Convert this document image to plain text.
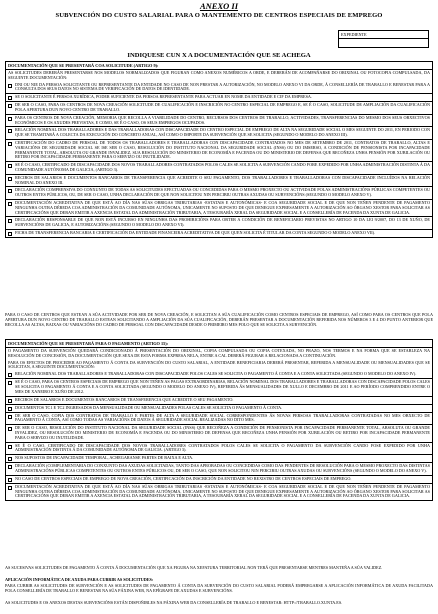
ANEXO II
SUBVENCIÓN DO CUSTO SALARIAL PARA O MANTEMENTO DE CENTROS ESPECIAIS DE EMPREGO
EXPEDIENTE
INDIQUESE CUN X A DOCUMENTACIÓN QUE SE ACHEGA
DOCUMENTACIÓN QUE SE PRESENTARÁ COA SOLICITUDE (ARTIGO 9):
AS SOLICITUDES DEBERÁN PRESENTARSE NOS MODELOS NORMALIZADOS QUE FIGURAN COMO ANEXOS NUMÉRICOS A ORDE, E DEBERÁN DE ACOMPAÑARSE DO ORIXINAL OU FOTOCOPIA COMPULSADA, DA SEGUINTE DOCUMENTACIÓN:
DNI OU NIE DA PERSOA SOLICITANTE OU REPRESENTANTE DA ENTIDADE NO CASO DE NON PRESTAR A AUTORIZACIÓN, NO MODELO ANEXO VI DA ORDE, Á CONSELLERÍA DE TRABALLO E BENESTAR PARA A CONSULTA DOS SEUS DATOS NO SISTEMA DE VERIFICACIÓN DE DATOS DE IDENTIDADE.
SE O SOLICITANTE É PERSOA XURÍDICA, PODER SUFICIENTE DA PERSOA REPRESENTANTE PARA ACTUAR EN NOME DA ENTIDADE E CIF DA EMPRESA.
DE SER O CASO, PARA OS CENTROS DE NOVA CREACIÓN SOLICITUDE DE CUALIFICACIÓN E INSCRICIÓN NO CENTRO ESPECIAL DE EMPREGO E, SE É O CASO, SOLICITUDE DE AMPLIACIÓN DA CUALIFICACIÓN POLA APERTURA DUN NOVO CENTRO DE TRABALLO.
PARA OS CENTROS DE NOVA CREACIÓN, MEMORIA QUE RECOLLA A VIABILIDADE DO CENTRO, RECURSOS DOS CENTROS DE TRABALLO, ACTIVIDADES, TRANSFERENCIAS DO MESMO DOS SEUS OBXECTIVOS ECONÓMICOS E OS AXUDES PREVISTAS, E COMO, SE É O CASO, OS SEUS EMPREGOS OCUPADOS.
RELACIÓN NOMINAL DOS TRABALLADORES E DAS TRABALLADORAS CON DISCAPACIDADE DO CENTRO ESPECIAL DE EMPREGO DE ALTA NA SEGURIDADE SOCIAL O MES SEGUINTE DO 2011, EN PERIODO CON QUE SE TRAMITARÁ A COLECTA DA EXECUCIÓN DO CONCERTO ANUAL, ASÍ COMO O IMPORTE DA SUBVENCIÓN QUE SE SOLICITA (SEGUNDO O MODELO DO ANEXO III).
CERTIFICACIÓN DO CADRO DE PERSOAL DE TODOS OS TRABALLADORES E TRABALLADORAS CON DISCAPACIDADE CONTRATADOS NO MES DE SETEMBRO DE 2011, CONTRATOS DE TRABALLO, ALTAS E VARIACIÓNS DE SEGURIDADE SOCIAL SE ISE SER O CASO, RESOLUCIÓN DO INSTITUTO NACIONAL DA SEGURIDADE SOCIAL (INSS) OU DO IMSERSO, A CONDICIÓN DE PENSIONISTA POR INCAPACIDADE PERMANENTE TOTAL, ABSOLUTA OU GRANDE INVALIDEZ, SUA RESOLUCIÓN DO MINISTERIO DE ECONOMÍA E FACENDA OU DO MINISTERIO DE DEFENSA QUE RECOÑEZA UNHA PENSIÓN POR XUBILACIÓN OU RETIRO POR INCAPACIDADE PERMANENTE PARA O SERVIZO OU INUTILIDADE.
SE É O CASO, CERTIFICADO DE DISCAPACIDADE DOS NOVOS TRABALLADORES CONTRATADOS POLOS CALES SE SOLICITA A SUBVENCIÓN CANDO FORE EXPEDIDO POR UNHA ADMINISTRACIÓN DISTINTA Á DA COMUNIDADE AUTÓNOMA DE GALICIA, (ARTIGO 3).
RECIBOS DE SALARIOS E DOCUMENTOS BANCARIOS DE TRANSFERENCIA QUE ACREDITE O SEU PAGAMENTO, DOS TRABALLADORES E TRABALLADORAS CON DISCAPACIDADE INCLUÍDOS NA RELACIÓN NOMINAL DO ANEXO III.
DECLARACIÓN COMPRENSIVA DO CONXUNTO DE TODAS AS SOLICITUDES EFECTUADAS OU CONCEDIDAS PARA O MESMO PROXECTO OU ACTIVIDADE POLAS ADMINISTRACIÓNS PÚBLICAS COMPETENTES OU OUTROS ENTES PÚBLICOS, OU, DE SER O CASO, UNHA DECLARACIÓN DE QUE NON SOLICITOU NIN PERCIBIU OUTRAS AXUDAS OU SUBVENCIÓNS (SEGUNDO O MODELO ANEXO V).
DOCUMENTACIÓN ACREDITATIVA DE QUE ESTÁ AO DÍA NAS SÚAS OBRIGAS TRIBUTARIAS -ESTATAIS E AUTONÓMICAS- E COA SEGURIDADE SOCIAL E DE QUE NON TEÑEN PENDENTE DE PAGAMENTO NINGUNHA OUTRA DÉBEDA COA ADMINISTRACIÓN DA COMUNIDADE AUTÓNOMA, UNICAMENTE NO SUPOSTO DE QUE DENEGUE EXPRESAMENTE A AUTORIZACIÓN AO ÓRGANO XESTOR PARA SOLICITAR AS CERTIFICACIÓNS QUE DEBAN EMITIR A AXENCIA ESTATAL DA ADMINISTRACIÓN TRIBUTARIA, A TESOURARÍA XERAL DA SEGURIDADE SOCIAL E A CONSELLERÍA DE FACENDA DA XUNTA DE GALICIA.
DECLARACIÓN RESPONSABLE DE QUE NON ESTÁ INCURSO EN NINGUNHA DAS PROHIBICIÓNS PARA OBTER A CONDICIÓN DE BENEFICIARIO PREVISTAS NO ARTIGO 10 DA LEI 9/2007, DO 13 DE XUÑO, DE SUBVENCIÓNS DE GALICIA, E AUTORIZACIÓNS (SEGUNDO O MODELO DO ANEXO VI).
FICHA DE TRANSFERENCIA BANCARIA E CERTIFICACIÓN DA ENTIDADE FINANCEIRA ACREDITATIVA DE QUE QUEN SOLICITA É TITULAR DA CONTA SEGUNDO O MODELO ANEXO VII).
PARA O CASO DE CENTROS QUE ESTEAN A SÚA ACTIVIDADE POR SER DE NOVA CREACIÓN, E SOLICITAN A SÚA CUALIFICACIÓN COMO CENTROS ESPECIAIS DE EMPREGO, ASÍ COMO PARA OS CENTROS QUE POLA APERTURA DUN NOVO CENTRO DE TRABALLO ESTEAN SOLICITANDO A AMPLIACIÓN DA SÚA CUALIFICACIÓN, DEBERÁN PRESENTAR A DOCUMENTACIÓN REFERIDA NOS NÚMEROS 3 E 4 DO PUNTO ANTERIOR QUE RECOLLA AS ALTAS, BAIXAS OU VARIACIÓNS DO CADRO DE PERSOAL CON DISCAPACIDADE DESDE O PRIMEIRO MES POLO QUE SE SOLICITA A SUBVENCIÓN.
DOCUMENTACIÓN QUE SE PRESENTARÁ PARA O PAGAMENTO (ARTIGO 15):
O PAGAMENTO DA SUBVENCIÓN QUEDARÁ CONDICIONADO Á PRESENTACIÓN DO ORIXINAL, COPIA COMPULSADA OU COPIA COTEXADA, NO PRAZO, NOS TERMOS E NA FORMA QUE SE ESTABLEZA NA RESOLUCIÓN DE CONCESIÓN, DA DOCUMENTACIÓN QUE SEXA DE ESTA FORMA EXPRESA NELA, ENTRE A CAL DEBERÁ FIGURAR A RELACIONADA A CONTINUACIÓN.
PARA OS EFECTOS DE PROCEDER AO PAGAMENTO Á CONTA DA SUBVENCIÓN DO CUSTO SALARIAL, A ENTIDADE BENEFICIARIA DEBERÁ PRESENTAR, REFERIDA A MENSUALIDADE OU MENSUALIDADES QUE SE SOLICITAN, A SEGUINTE DOCUMENTACIÓN:
RELACIÓN NOMINAL DOS TRABALLADORES E TRABALLADORAS CON DISCAPACIDADE POLOS CALES SE SOLICITA O PAGAMENTO Á CONTA E A CONTA SOLICITADA (SEGUNDO O MODELO DO ANEXO IV).
SE É O CASO, PARA OS CENTROS ESPECIAIS DE EMPREGO QUE NON TEÑEN AS PAGAS EXTRAORDINARIAS, RELACIÓN NOMINAL DOS TRABALLADORES E TRABALLADORAS CON DISCAPACIDADE POLOS CALES SE SOLICITA O PAGAMENTO Á CONTA E A CONTA SOLICITADA (SEGUNDO O MODELO DO ANEXO IV), REFERIDA ÁS MENSUALIDADES DE XULLO E DECEMBRO DE 2011 E AO PERÍODO COMPRENDIDO ENTRE O MES DE XANEIRO E XUÑO DE 2012.
RECIBOS DE SALARIOS E DOCUMENTOS BANCARIOS DE TRANSFERENCIA QUE ACREDITE O SEU PAGAMENTO.
DOCUMENTOS TC1 E TC2 INGRESADOS DA MENSUALIDADE OU MENSUALIDADES POLAS CALES SE SOLICITA O PAGAMENTO Á CONTA.
DE SER O CASO, COPIA DOS CONTRATOS DE TRABALLO E PARTES DE ALTA A SEGURIDADE SOCIAL CORRESPONDENTES ÁS NOVAS PERSOAS TRABALLADORAS CONTRATADAS NO MES OBXECTO DE PAGAMENTO Á CONTA, ASÍ COMO TODAS AS VARIACIÓNS DE DATOS Á SEGURIDADE SOCIAL REALIZADAS NO DITO MES.
DE SER O CASO, RESOLUCIÓN DO INSTITUTO NACIONAL DA SEGURIDADE SOCIAL (INSS) QUE RECOÑEZA A CONDICIÓN DE PENSIONISTA POR INCAPACIDADE PERMANENTE TOTAL, ABSOLUTA OU GRANDE INVALIDEZ, OU RESOLUCIÓN DO MINISTERIO DE ECONOMÍA E FACENDA OU DO MINISTERIO DE DEFENSA QUE RECOÑEZA UNHA PENSIÓN POR XUBILACIÓN OU RETIRO POR INCAPACIDADE PERMANENTE PARA O SERVIZO OU INUTILIDADE.
SE É O CASO, CERTIFICADO DE DISCAPACIDADE DOS NOVOS TRABALLADORES CONTRATADOS POLOS CALES SE SOLICITA O PAGAMENTO DA SUBVENCIÓN CANDO FOSE EXPEDIDO POR UNHA ADMINISTRACIÓN DISTINTA Á DA COMUNIDADE AUTÓNOMA DE GALICIA. (ARTIGO 3).
NOS SUPOSTOS DE INCAPACIDADE TEMPORAL, ACHEGARANSE PARTES DE BAIXA E ALTA.
DECLARACIÓN (COMPLEMENTARIA DO CONXUNTO DAS AXUDAS SOLICITADAS, TANTO DAS APROBADAS OU CONCEDIDAS COMO DAS PENDENTES DE RESOLUCIÓN PARA O MESMO PROXECTO DAS DISTINTAS ADMINISTRACIÓNS PÚBLICAS COMPETENTES OU OUTROS ENTES PÚBLICOS OU, DE SER O CASO, QUE NON SOLICITOU NIN PERCIBIU OUTRAS AXUDAS OU SUBVENCIÓNS (SEGUNDO O MODELO DO ANEXO V).
NO CASO DE CENTROS ESPECIAIS DE EMPREGO DE NOVA CREACIÓN, CERTIFICACIÓN DA INSCRICIÓN DA ENTIDADE NO REXISTRO DE CENTROS ESPECIAIS DE EMPREGO.
DOCUMENTACIÓN ACREDITATIVA DE QUE ESTÁ AO DÍA NAS SÚAS OBRIGAS TRIBUTARIAS -ESTATAIS E AUTONÓMICAS- E COA SEGURIDADE SOCIAL E DE QUE NON TEÑEN PENDENTE DE PAGAMENTO NINGUNHA OUTRA DÉBEDA COA ADMINISTRACIÓN DA COMUNIDADE AUTÓNOMA, UNICAMENTE NO SUPOSTO DE QUE DENEGUE EXPRESAMENTE A AUTORIZACIÓN AO ÓRGANO XESTOR PARA SOLICITAR AS CERTIFICACIÓNS QUE DEBAN EMITIR A AXENCIA ESTATAL DA ADMINISTRACIÓN TRIBUTARIA, A TESOURARÍA XERAL DA SEGURIDADE SOCIAL E A CONSELLERÍA DE FACENDA DA XUNTA DE GALICIA.
AS SUCESIVAS SOLICITUDES DE PAGAMENTO Á CONTA Á DOCUMENTACIÓN QUE XA FIGURA NA XEFATURA TERRITORIAL NON TERÁ QUE PRESENTARSE MENTRES MANTEÑA A SÚA VALIDEZ.
APLICACIÓN INFORMÁTICA DE AXUDA PARA CUBRIR AS SOLICITUDES:
PARA CUBRIR AS SOLICITUDES DE SUBVENCIÓN E AS SOLICITUDES DE PAGAMENTO Á CONTA DA SUBVENCIÓN DO CUSTO SALARIAL PODERÁ EMPREGARSE A APLICACIÓN INFORMÁTICA DE AXUDA FACILITADA POLA CONSELLERÍA DE TRABALLO E BENESTAR NA SÚA PÁXINA WEB, NA EPÍGRAFE DE AXUDAS E SUBVENCIÓNS.
AS SOLICITUDES E OS ANEXOS DESTAS SUBVENCIÓNS ESTÁN DISPOÑIBLES NA PÁXINA WEB DA CONSELLERÍA DE TRABALLO E BENESTAR: HTTP://TRABALLO.XUNTA.ES.
